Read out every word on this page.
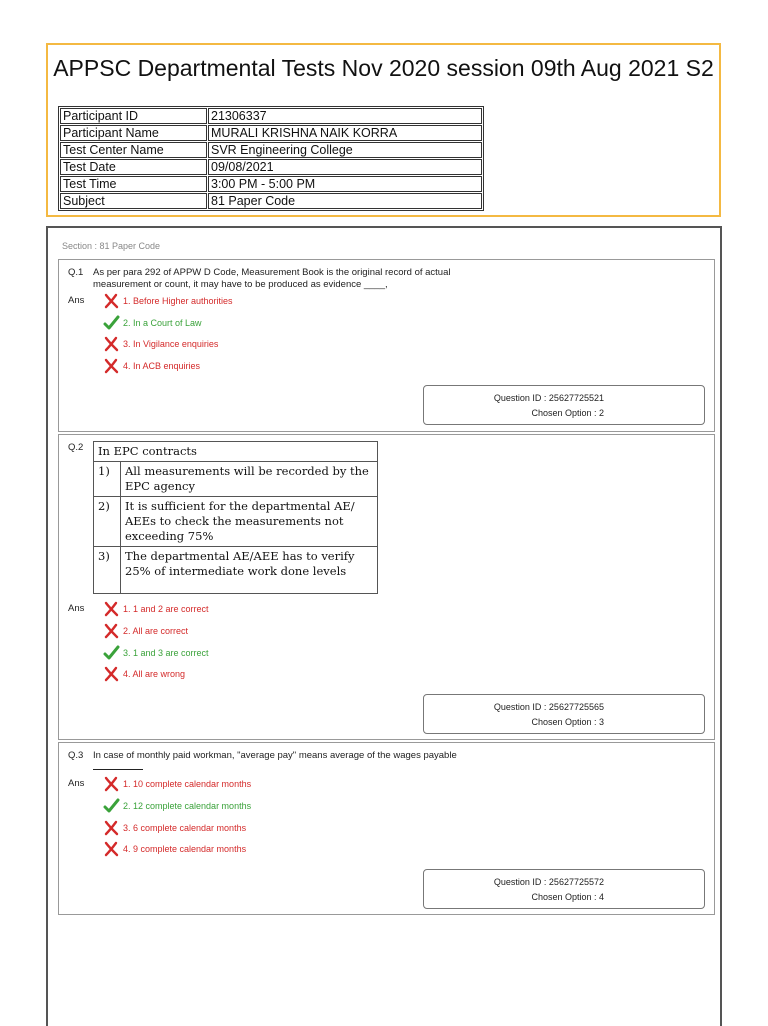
APPSC Departmental Tests Nov 2020 session 09th Aug 2021 S2
Participant ID	21306337
Participant Name	MURALI KRISHNA NAIK KORRA
Test Center Name	SVR Engineering College
Test Date	09/08/2021
Test Time	3:00 PM - 5:00 PM
Subject	81 Paper Code
Section : 81 Paper Code
Q.1 As per para 292 of APPW D Code, Measurement Book is the original record of actual
measurement or count, it may have to be produced as evidence ____,
Ans	1. Before Higher authorities
2. In a Court of Law
3. In Vigilance enquiries
4. In ACB enquiries
Question ID : 25627725521
Chosen Option : 2
Q.2 In EPC contracts	
1)	All measurements will be recorded by the EPC agency
2)	It is sufficient for the departmental AE/ AEEs to check the measurements not exceeding 75%
3)	The departmental AE/AEE has to verify 25% of intermediate work done levels
Ans	1. 1 and 2 are correct
2. All are correct
3. 1 and 3 are correct
4. All are wrong
Question ID : 25627725565
Chosen Option : 3
Q.3 In case of monthly paid workman, "average pay" means average of the wages payable
Ans	1. 10 complete calendar months
2. 12 complete calendar months
3. 6 complete calendar months
4. 9 complete calendar months
Question ID : 25627725572
Chosen Option : 4
